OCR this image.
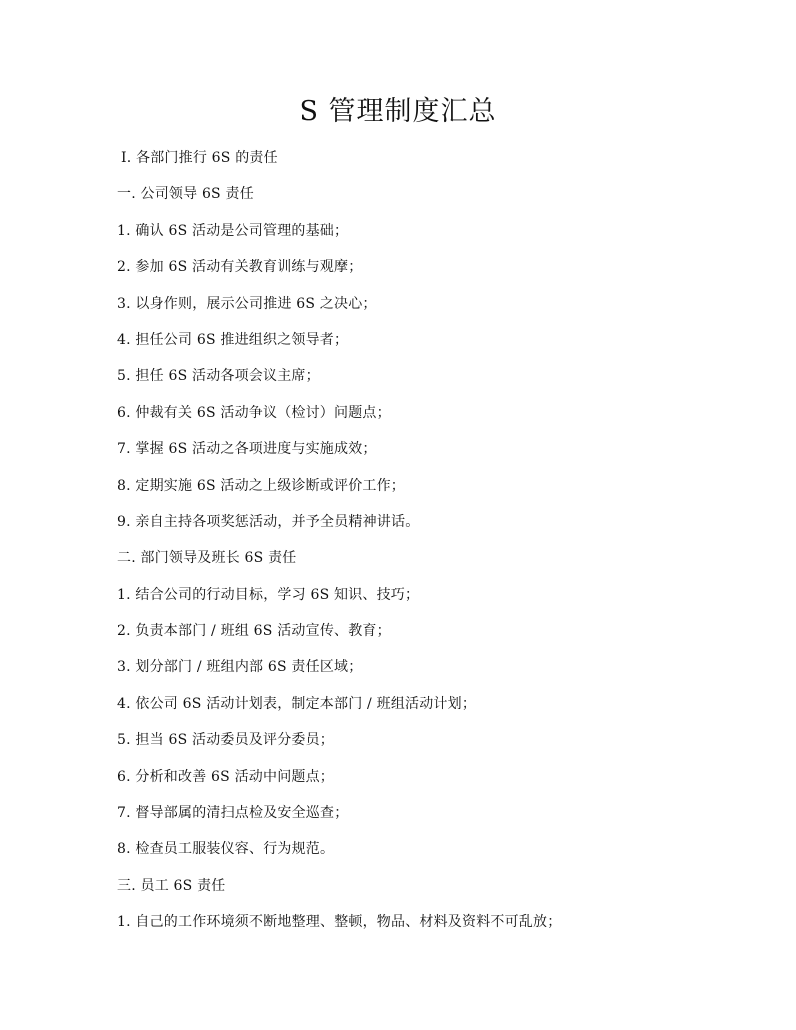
S 管理制度汇总
Ⅰ. 各部门推行 6S 的责任
一. 公司领导 6S 责任
1. 确认 6S 活动是公司管理的基础；
2. 参加 6S 活动有关教育训练与观摩；
3. 以身作则，展示公司推进 6S 之决心；
4. 担任公司 6S 推进组织之领导者；
5. 担任 6S 活动各项会议主席；
6. 仲裁有关 6S 活动争议（检讨）问题点；
7. 掌握 6S 活动之各项进度与实施成效；
8. 定期实施 6S 活动之上级诊断或评价工作；
9. 亲自主持各项奖惩活动，并予全员精神讲话。
二. 部门领导及班长 6S 责任
1. 结合公司的行动目标，学习 6S 知识、技巧；
2. 负责本部门 / 班组 6S 活动宣传、教育；
3. 划分部门 / 班组内部 6S 责任区域；
4. 依公司 6S 活动计划表，制定本部门 / 班组活动计划；
5. 担当 6S 活动委员及评分委员；
6. 分析和改善 6S 活动中问题点；
7. 督导部属的清扫点检及安全巡查；
8. 检查员工服装仪容、行为规范。
三. 员工 6S 责任
1. 自己的工作环境须不断地整理、整顿，物品、材料及资料不可乱放；
